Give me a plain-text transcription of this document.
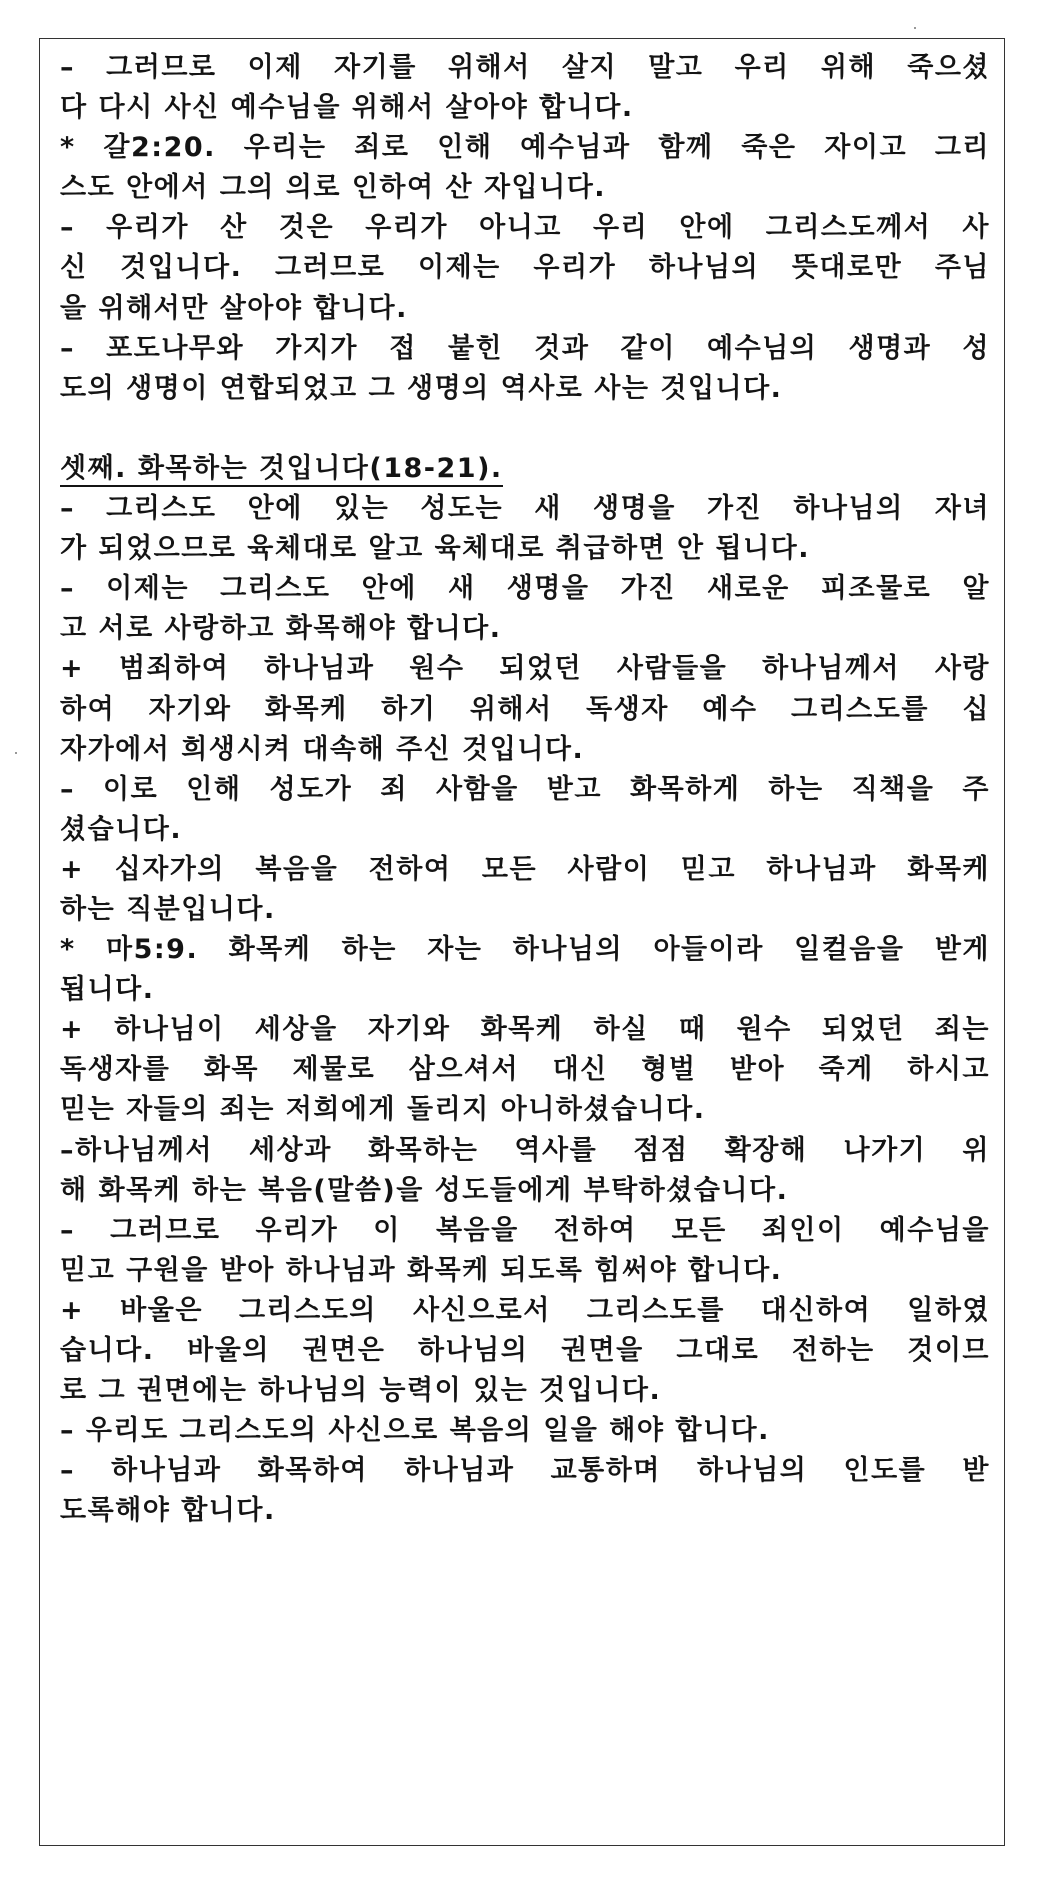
– 그러므로 이제 자기를 위해서 살지 말고 우리 위해 죽으셨
다 다시 사신 예수님을 위해서 살아야 합니다.
* 갈2:20. 우리는 죄로 인해 예수님과 함께 죽은 자이고 그리
스도 안에서 그의 의로 인하여 산 자입니다.
– 우리가 산 것은 우리가 아니고 우리 안에 그리스도께서 사
신 것입니다. 그러므로 이제는 우리가 하나님의 뜻대로만 주님
을 위해서만 살아야 합니다.
– 포도나무와 가지가 접 붙힌 것과 같이 예수님의 생명과 성
도의 생명이 연합되었고 그 생명의 역사로 사는 것입니다.
셋째. 화목하는 것입니다(18-21).
– 그리스도 안에 있는 성도는 새 생명을 가진 하나님의 자녀
가 되었으므로 육체대로 알고 육체대로 취급하면 안 됩니다.
– 이제는 그리스도 안에 새 생명을 가진 새로운 피조물로 알
고 서로 사랑하고 화목해야 합니다.
+ 범죄하여 하나님과 원수 되었던 사람들을 하나님께서 사랑
하여 자기와 화목케 하기 위해서 독생자 예수 그리스도를 십
자가에서 희생시켜 대속해 주신 것입니다.
– 이로 인해 성도가 죄 사함을 받고 화목하게 하는 직책을 주
셨습니다.
+ 십자가의 복음을 전하여 모든 사람이 믿고 하나님과 화목케
하는 직분입니다.
* 마5:9. 화목케 하는 자는 하나님의 아들이라 일컬음을 받게
됩니다.
+ 하나님이 세상을 자기와 화목케 하실 때 원수 되었던 죄는
독생자를 화목 제물로 삼으셔서 대신 형벌 받아 죽게 하시고
믿는 자들의 죄는 저희에게 돌리지 아니하셨습니다.
–하나님께서 세상과 화목하는 역사를 점점 확장해 나가기 위
해 화목케 하는 복음(말씀)을 성도들에게 부탁하셨습니다.
– 그러므로 우리가 이 복음을 전하여 모든 죄인이 예수님을
믿고 구원을 받아 하나님과 화목케 되도록 힘써야 합니다.
+ 바울은 그리스도의 사신으로서 그리스도를 대신하여 일하였
습니다. 바울의 권면은 하나님의 권면을 그대로 전하는 것이므
로 그 권면에는 하나님의 능력이 있는 것입니다.
– 우리도 그리스도의 사신으로 복음의 일을 해야 합니다.
– 하나님과 화목하여 하나님과 교통하며 하나님의 인도를 받
도록해야 합니다.
